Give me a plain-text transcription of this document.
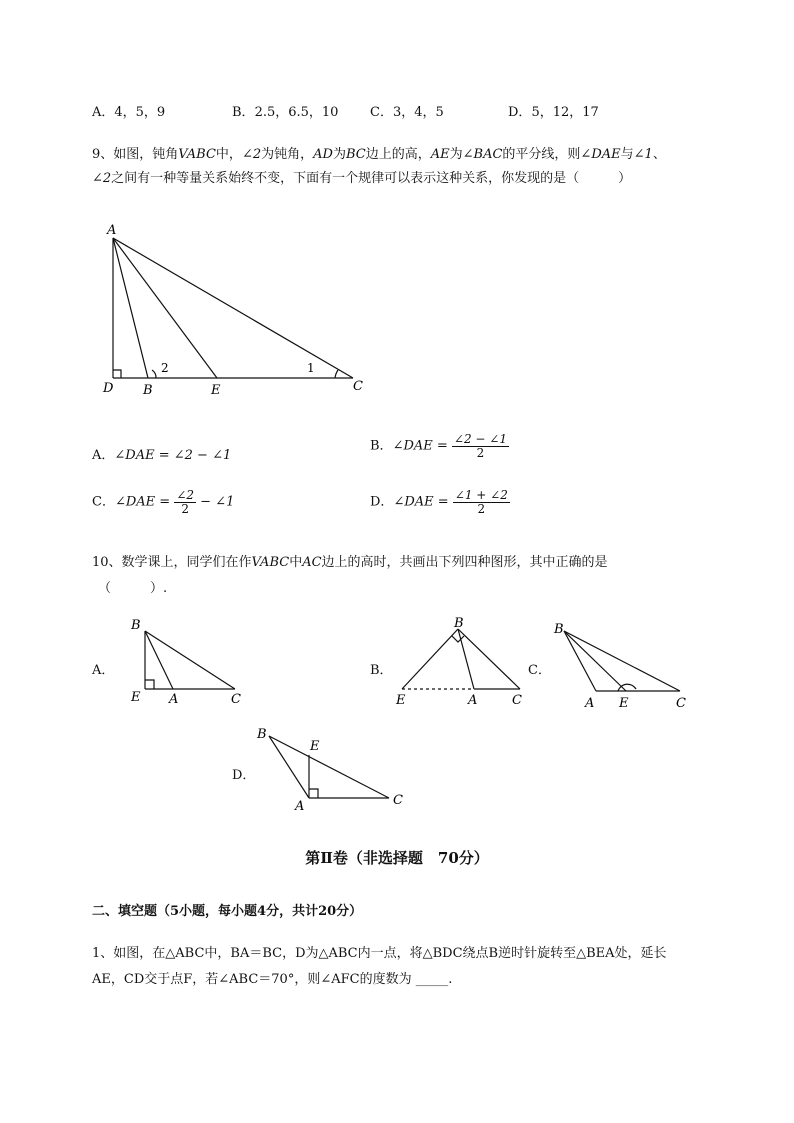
A．4，5，9	B．2.5，6.5，10 C．3，4，5	D．5，12，17
9、如图，钝角VABC中，∠2为钝角，AD为BC边上的高，AE为∠BAC的平分线，则∠DAE与∠1、
∠2之间有一种等量关系始终不变，下面有一个规律可以表示这种关系，你发现的是（　　　）
A
D B	E	C
1
2
A．∠DAE = ∠2 − ∠1
B．∠DAE = $\frac{\angle 2 - \angle 1}{2}$
C．∠DAE = $\frac{\angle 2}{2}$ − ∠1	D．∠DAE = $\frac{\angle 1 + \angle 2}{2}$
10、数学课上，同学们在作VABC中AC边上的高时，共画出下列四种图形，其中正确的是
（　　　）.
A．	B．	C．
D．
B
E A	C
B
E	A	C
B
A E	C
B
E
A	C
第Ⅱ卷（非选择题　70分）
二、填空题（5小题，每小题4分，共计20分）
1、如图，在△ABC中，BA＝BC，D为△ABC内一点，将△BDC绕点B逆时针旋转至△BEA处，延长
AE，CD交于点F，若∠ABC＝70°，则∠AFC的度数为 _____.
